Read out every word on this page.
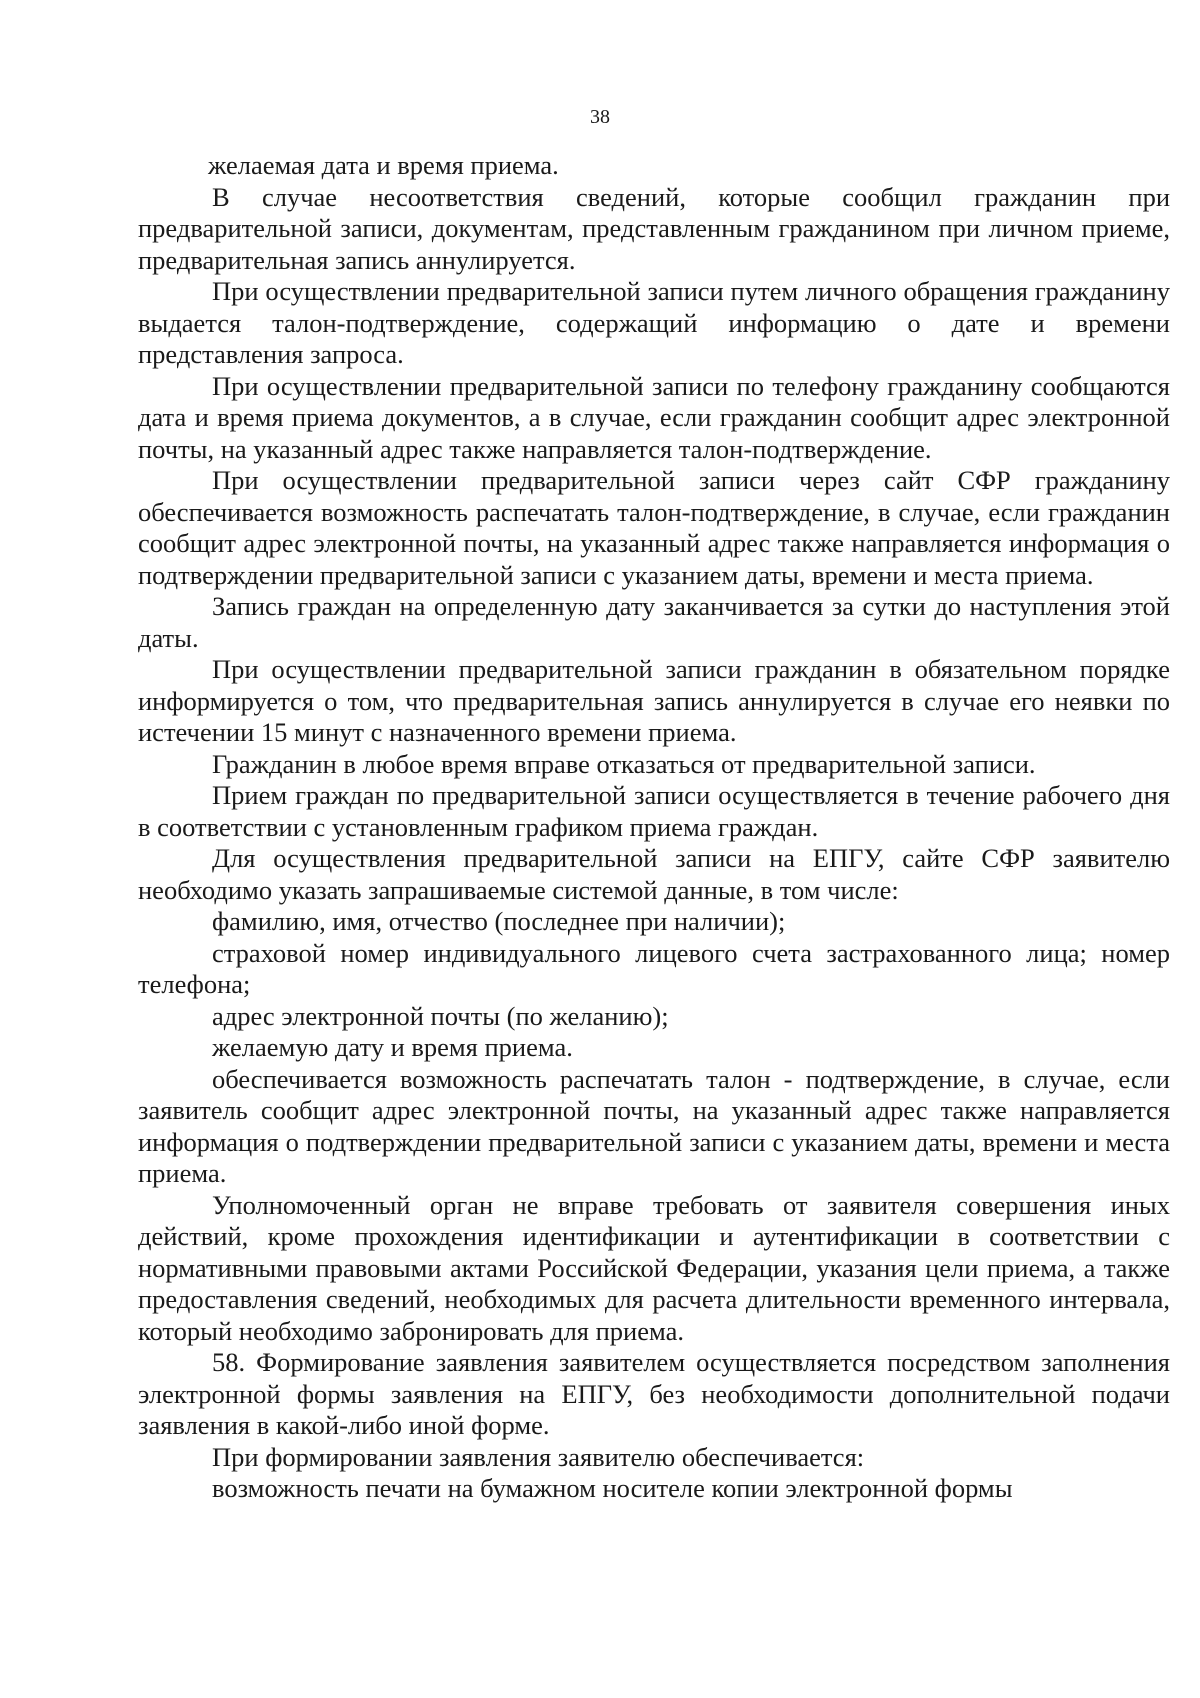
38

желаемая дата и время приема.

В случае несоответствия сведений, которые сообщил гражданин при предварительной записи, документам, представленным гражданином при личном приеме, предварительная запись аннулируется.

При осуществлении предварительной записи путем личного обращения гражданину выдается талон-подтверждение, содержащий информацию о дате и времени представления запроса.

При осуществлении предварительной записи по телефону гражданину сообщаются дата и время приема документов, а в случае, если гражданин сообщит адрес электронной почты, на указанный адрес также направляется талон-подтверждение.

При осуществлении предварительной записи через сайт СФР гражданину обеспечивается возможность распечатать талон-подтверждение, в случае, если гражданин сообщит адрес электронной почты, на указанный адрес также направляется информация о подтверждении предварительной записи с указанием даты, времени и места приема.

Запись граждан на определенную дату заканчивается за сутки до наступления этой даты.

При осуществлении предварительной записи гражданин в обязательном порядке информируется о том, что предварительная запись аннулируется в случае его неявки по истечении 15 минут с назначенного времени приема.

Гражданин в любое время вправе отказаться от предварительной записи.

Прием граждан по предварительной записи осуществляется в течение рабочего дня в соответствии с установленным графиком приема граждан.

Для осуществления предварительной записи на ЕПГУ, сайте СФР заявителю необходимо указать запрашиваемые системой данные, в том числе:

фамилию, имя, отчество (последнее при наличии);

страховой номер индивидуального лицевого счета застрахованного лица; номер телефона;

адрес электронной почты (по желанию);

желаемую дату и время приема.

обеспечивается возможность распечатать талон - подтверждение, в случае, если заявитель сообщит адрес электронной почты, на указанный адрес также направляется информация о подтверждении предварительной записи с указанием даты, времени и места приема.

Уполномоченный орган не вправе требовать от заявителя совершения иных действий, кроме прохождения идентификации и аутентификации в соответствии с нормативными правовыми актами Российской Федерации, указания цели приема, а также предоставления сведений, необходимых для расчета длительности временного интервала, который необходимо забронировать для приема.

58. Формирование заявления заявителем осуществляется посредством заполнения электронной формы заявления на ЕПГУ, без необходимости дополнительной подачи заявления в какой-либо иной форме.

При формировании заявления заявителю обеспечивается:

возможность печати на бумажном носителе копии электронной формы
